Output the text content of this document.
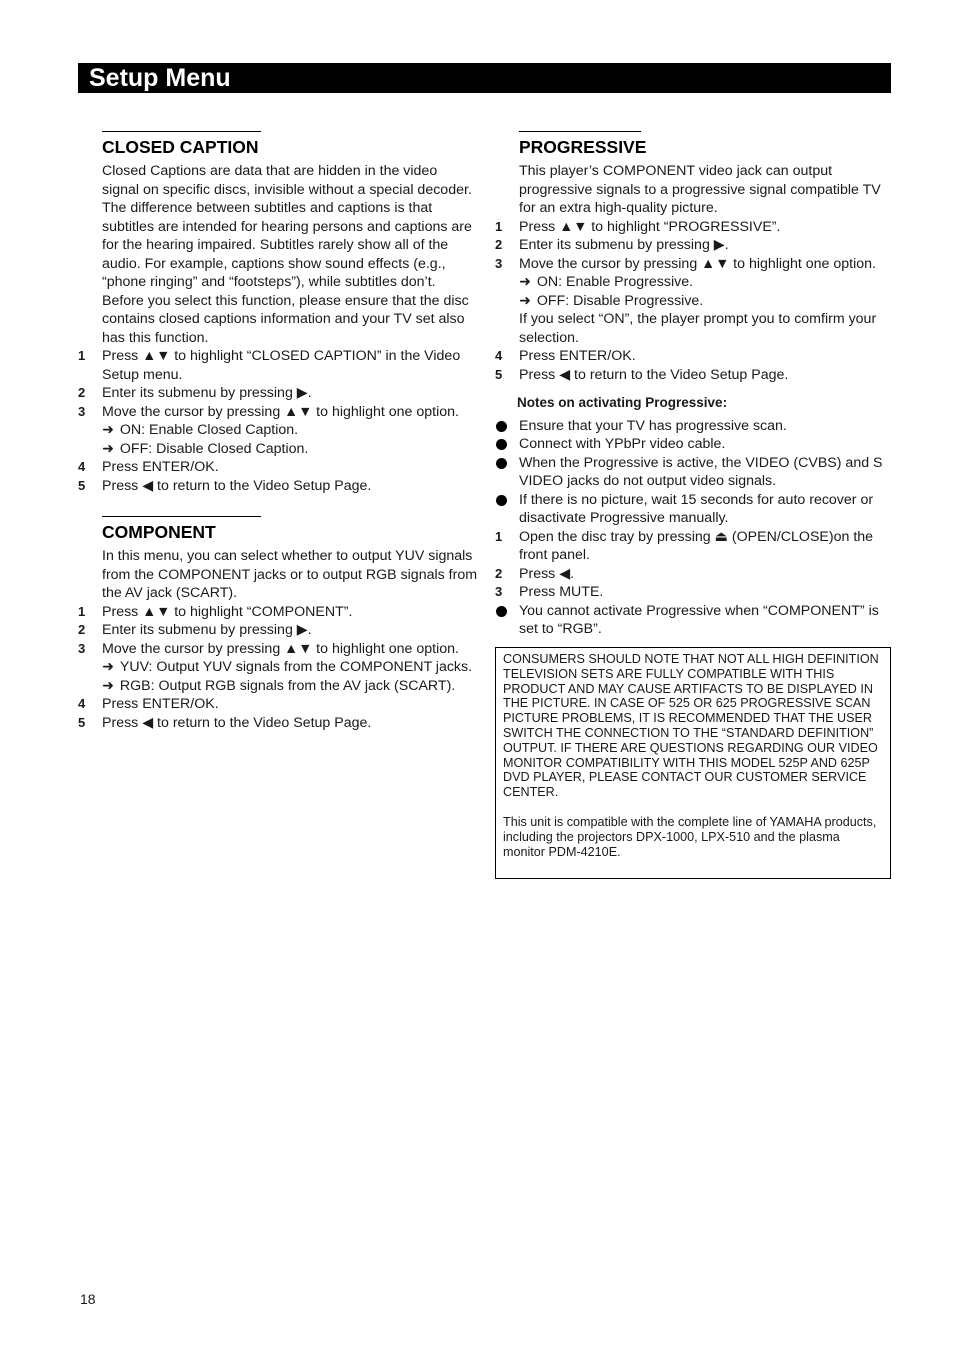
Setup Menu
CLOSED CAPTION
Closed Captions are data that are hidden in the video signal on specific discs, invisible without a special decoder. The difference between subtitles and captions is that subtitles are intended for hearing persons and captions are for the hearing impaired. Subtitles rarely show all of the audio. For example, captions show sound effects (e.g., “phone ringing” and “footsteps”), while subtitles don’t.
Before you select this function, please ensure that the disc contains closed captions information and your TV set also has this function.
1 Press ▲▼ to highlight “CLOSED CAPTION” in the Video Setup menu.
2 Enter its submenu by pressing ▶.
3 Move the cursor by pressing ▲▼ to highlight one option.
➜ ON: Enable Closed Caption.
➜ OFF: Disable Closed Caption.
4 Press ENTER/OK.
5 Press ◀ to return to the Video Setup Page.
COMPONENT
In this menu, you can select whether to output YUV signals from the COMPONENT jacks or to output RGB signals from the AV jack (SCART).
1 Press ▲▼ to highlight “COMPONENT”.
2 Enter its submenu by pressing ▶.
3 Move the cursor by pressing ▲▼ to highlight one option.
➜ YUV: Output YUV signals from the COMPONENT jacks.
➜ RGB: Output RGB signals from the AV jack (SCART).
4 Press ENTER/OK.
5 Press ◀ to return to the Video Setup Page.
PROGRESSIVE
This player’s COMPONENT video jack can output progressive signals to a progressive signal compatible TV for an extra high-quality picture.
1 Press ▲▼ to highlight “PROGRESSIVE”.
2 Enter its submenu by pressing ▶.
3 Move the cursor by pressing ▲▼ to highlight one option.
➜ ON: Enable Progressive.
➜ OFF: Disable Progressive.
If you select “ON”, the player prompt you to comfirm your selection.
4 Press ENTER/OK.
5 Press ◀ to return to the Video Setup Page.
Notes on activating Progressive:
Ensure that your TV has progressive scan.
Connect with YPbPr video cable.
When the Progressive is active, the VIDEO (CVBS) and S VIDEO jacks do not output video signals.
If there is no picture, wait 15 seconds for auto recover or disactivate Progressive manually.
1 Open the disc tray by pressing ⏏ (OPEN/CLOSE)on the front panel.
2 Press ◀.
3 Press MUTE.
You cannot activate Progressive when “COMPONENT” is set to “RGB”.
CONSUMERS SHOULD NOTE THAT NOT ALL HIGH DEFINITION TELEVISION SETS ARE FULLY COMPATIBLE WITH THIS PRODUCT AND MAY CAUSE ARTIFACTS TO BE DISPLAYED IN THE PICTURE. IN CASE OF 525 OR 625 PROGRESSIVE SCAN PICTURE PROBLEMS, IT IS RECOMMENDED THAT THE USER SWITCH THE CONNECTION TO THE “STANDARD DEFINITION” OUTPUT. IF THERE ARE QUESTIONS REGARDING OUR VIDEO MONITOR COMPATIBILITY WITH THIS MODEL 525P AND 625P DVD PLAYER, PLEASE CONTACT OUR CUSTOMER SERVICE CENTER.
This unit is compatible with the complete line of YAMAHA products, including the projectors DPX-1000, LPX-510 and the plasma monitor PDM-4210E.
18
